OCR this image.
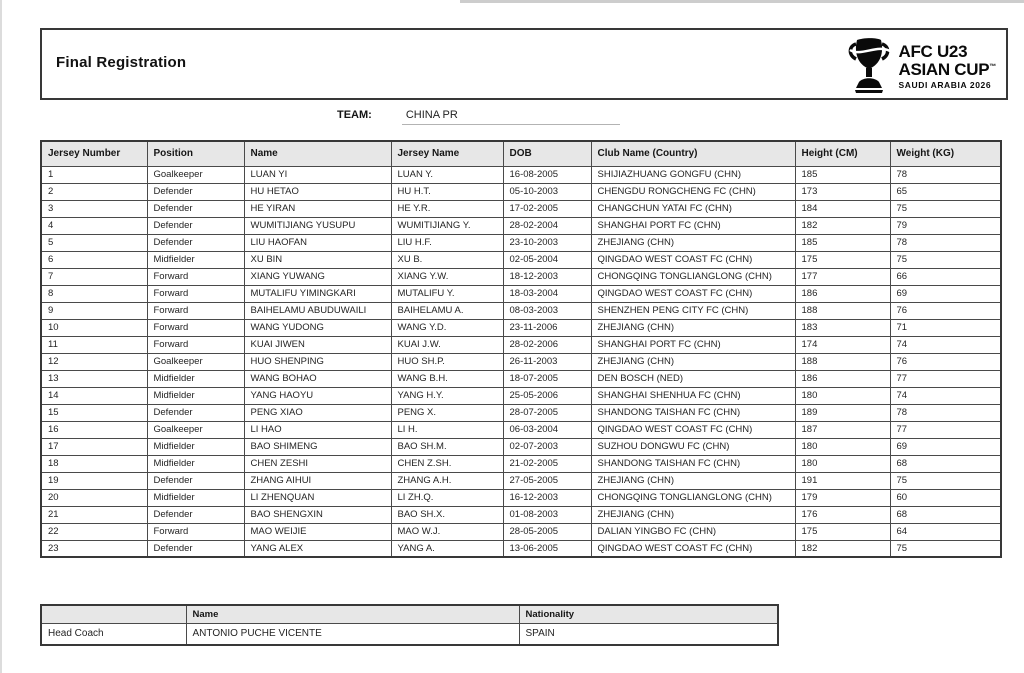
Final Registration
AFC U23
ASIAN CUP™
SAUDI ARABIA 2026
TEAM:	CHINA PR
Jersey Number	Position	Name	Jersey Name	DOB	Club Name (Country)	Height (CM)	Weight (KG)
1	Goalkeeper	LUAN YI	LUAN Y.	16-08-2005	SHIJIAZHUANG GONGFU (CHN)	185	78
2	Defender	HU HETAO	HU H.T.	05-10-2003	CHENGDU RONGCHENG FC (CHN)	173	65
3	Defender	HE YIRAN	HE Y.R.	17-02-2005	CHANGCHUN YATAI FC (CHN)	184	75
4	Defender	WUMITIJIANG YUSUPU	WUMITIJIANG Y.	28-02-2004	SHANGHAI PORT FC (CHN)	182	79
5	Defender	LIU HAOFAN	LIU H.F.	23-10-2003	ZHEJIANG (CHN)	185	78
6	Midfielder	XU BIN	XU B.	02-05-2004	QINGDAO WEST COAST FC (CHN)	175	75
7	Forward	XIANG YUWANG	XIANG Y.W.	18-12-2003	CHONGQING TONGLIANGLONG (CHN)	177	66
8	Forward	MUTALIFU YIMINGKARI	MUTALIFU Y.	18-03-2004	QINGDAO WEST COAST FC (CHN)	186	69
9	Forward	BAIHELAMU ABUDUWAILI	BAIHELAMU A.	08-03-2003	SHENZHEN PENG CITY FC (CHN)	188	76
10	Forward	WANG YUDONG	WANG Y.D.	23-11-2006	ZHEJIANG (CHN)	183	71
11	Forward	KUAI JIWEN	KUAI J.W.	28-02-2006	SHANGHAI PORT FC (CHN)	174	74
12	Goalkeeper	HUO SHENPING	HUO SH.P.	26-11-2003	ZHEJIANG (CHN)	188	76
13	Midfielder	WANG BOHAO	WANG B.H.	18-07-2005	DEN BOSCH (NED)	186	77
14	Midfielder	YANG HAOYU	YANG H.Y.	25-05-2006	SHANGHAI SHENHUA FC (CHN)	180	74
15	Defender	PENG XIAO	PENG X.	28-07-2005	SHANDONG TAISHAN FC (CHN)	189	78
16	Goalkeeper	LI HAO	LI H.	06-03-2004	QINGDAO WEST COAST FC (CHN)	187	77
17	Midfielder	BAO SHIMENG	BAO SH.M.	02-07-2003	SUZHOU DONGWU FC (CHN)	180	69
18	Midfielder	CHEN ZESHI	CHEN Z.SH.	21-02-2005	SHANDONG TAISHAN FC (CHN)	180	68
19	Defender	ZHANG AIHUI	ZHANG A.H.	27-05-2005	ZHEJIANG (CHN)	191	75
20	Midfielder	LI ZHENQUAN	LI ZH.Q.	16-12-2003	CHONGQING TONGLIANGLONG (CHN)	179	60
21	Defender	BAO SHENGXIN	BAO SH.X.	01-08-2003	ZHEJIANG (CHN)	176	68
22	Forward	MAO WEIJIE	MAO W.J.	28-05-2005	DALIAN YINGBO FC (CHN)	175	64
23	Defender	YANG ALEX	YANG A.	13-06-2005	QINGDAO WEST COAST FC (CHN)	182	75
	Name	Nationality
Head Coach	ANTONIO PUCHE VICENTE	SPAIN
